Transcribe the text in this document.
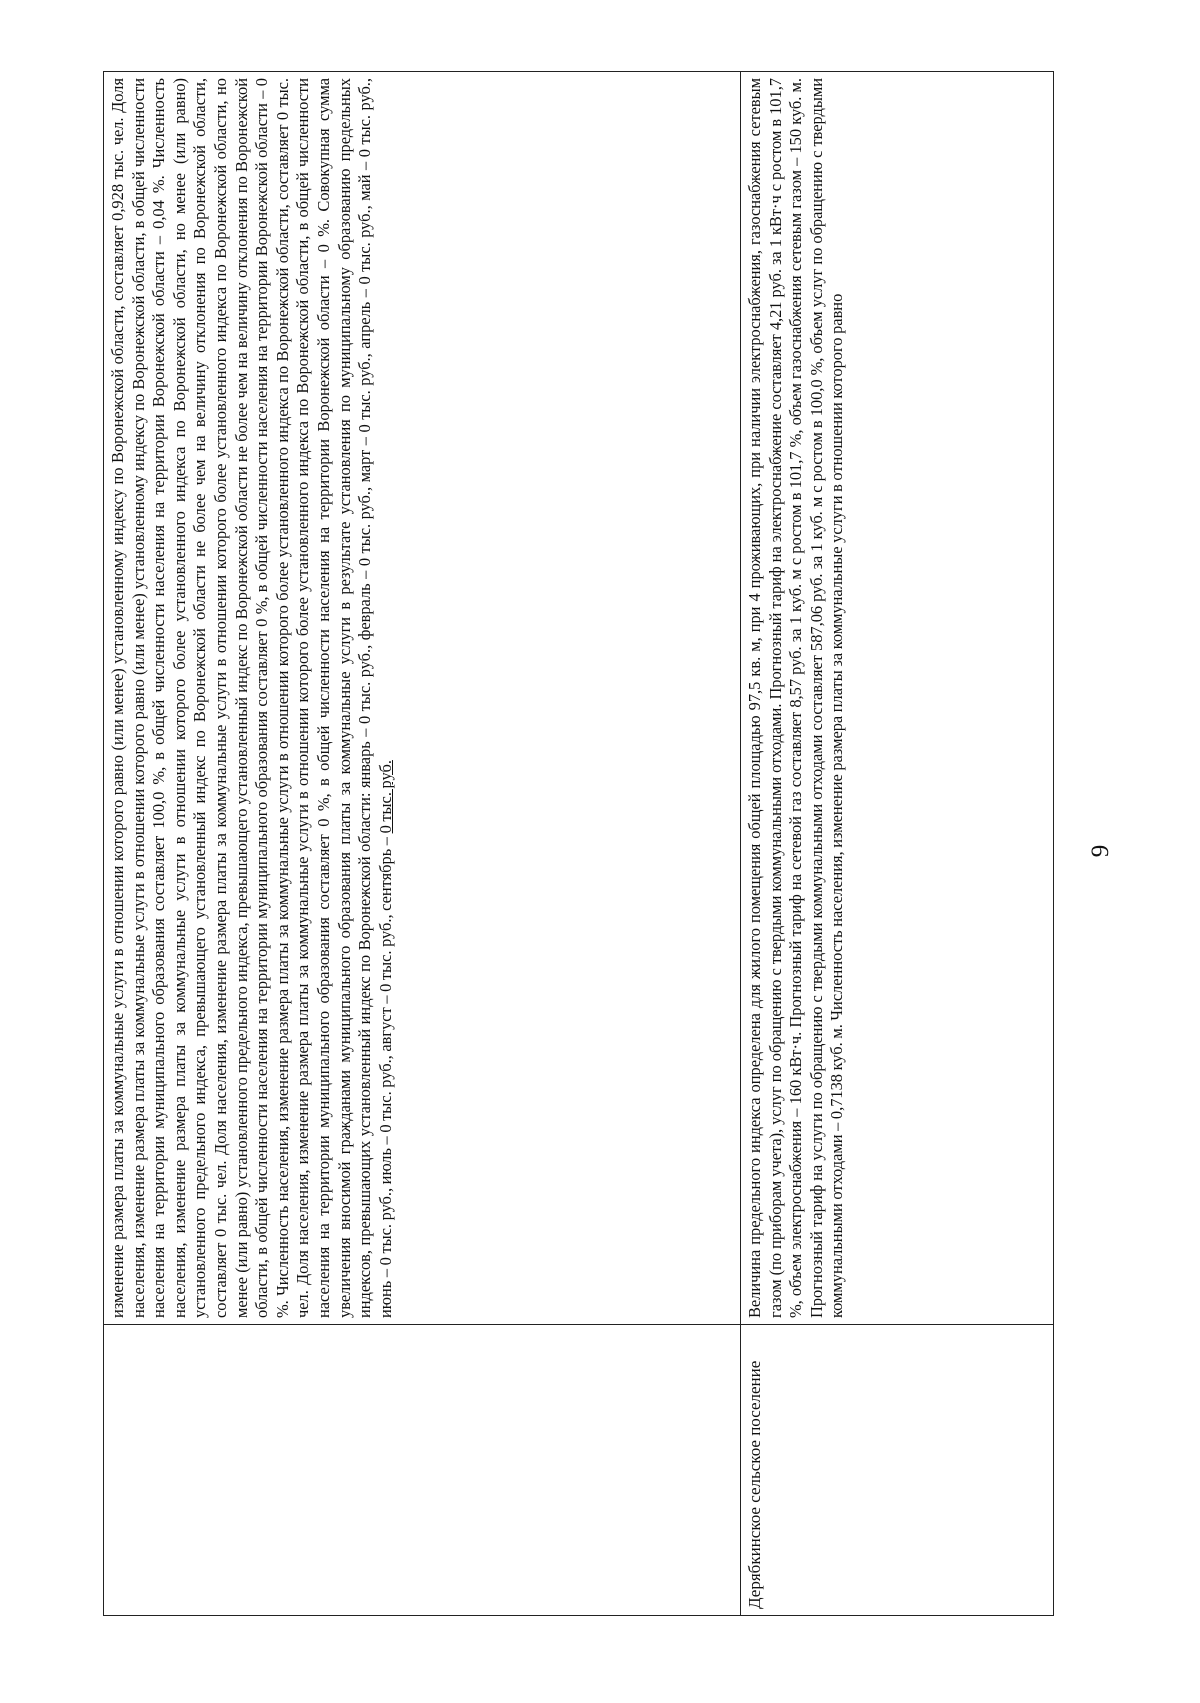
9

	изменение размера платы за коммунальные услуги в отношении которого равно (или менее) установленному индексу по Воронежской области, составляет 0,928 тыс. чел. Доля населения, изменение размера платы за коммунальные услуги в отношении которого равно (или менее) установленному индексу по Воронежской области, в общей численности населения на территории муниципального образования составляет 100,0 %, в общей численности населения на территории Воронежской области – 0,04 %. Численность населения, изменение размера платы за коммунальные услуги в отношении которого более установленного индекса по Воронежской области, но менее (или равно) установленного предельного индекса, превышающего установленный индекс по Воронежской области не более чем на величину отклонения по Воронежской области, составляет 0 тыс. чел. Доля населения, изменение размера платы за коммунальные услуги в отношении которого более установленного индекса по Воронежской области, но менее (или равно) установленного предельного индекса, превышающего установленный индекс по Воронежской области не более чем на величину отклонения по Воронежской области, в общей численности населения на территории муниципального образования составляет 0 %, в общей численности населения на территории Воронежской области – 0 %. Численность населения, изменение размера платы за коммунальные услуги в отношении которого более установленного индекса по Воронежской области, составляет 0 тыс. чел. Доля населения, изменение размера платы за коммунальные услуги в отношении которого более установленного индекса по Воронежской области, в общей численности населения на территории муниципального образования составляет 0 %, в общей численности населения на территории Воронежской области – 0 %. Совокупная сумма увеличения вносимой гражданами муниципального образования платы за коммунальные услуги в результате установления по муниципальному образованию предельных индексов, превышающих установленный индекс по Воронежской области: январь – 0 тыс. руб., февраль – 0 тыс. руб., март – 0 тыс. руб., апрель – 0 тыс. руб., май – 0 тыс. руб., июнь – 0 тыс. руб., июль – 0 тыс. руб., август – 0 тыс. руб., сентябрь – 0 тыс. руб.

Дерябкинское сельское поселение	Величина предельного индекса определена для жилого помещения общей площадью 97,5 кв. м, при 4 проживающих, при наличии электроснабжения, газоснабжения сетевым газом (по приборам учета), услуг по обращению с твердыми коммунальными отходами. Прогнозный тариф на электроснабжение составляет 4,21 руб. за 1 кВт·ч с ростом в 101,7 %, объем электроснабжения – 160 кВт·ч. Прогнозный тариф на сетевой газ составляет 8,57 руб. за 1 куб. м с ростом в 101,7 %, объем газоснабжения сетевым газом – 150 куб. м. Прогнозный тариф на услуги по обращению с твердыми коммунальными отходами составляет 587,06 руб. за 1 куб. м с ростом в 100,0 %, объем услуг по обращению с твердыми коммунальными отходами – 0,7138 куб. м. Численность населения, изменение размера платы за коммунальные услуги в отношении которого равно
